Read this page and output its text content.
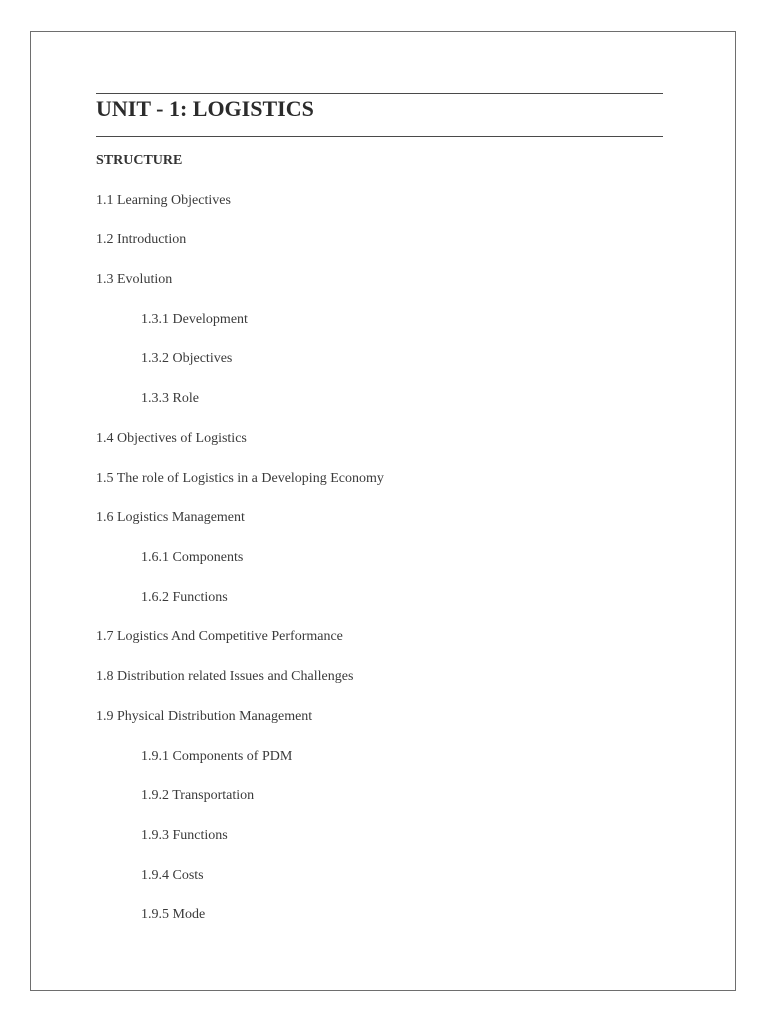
UNIT - 1: LOGISTICS
STRUCTURE
1.1 Learning Objectives
1.2 Introduction
1.3 Evolution
1.3.1 Development
1.3.2 Objectives
1.3.3 Role
1.4 Objectives of Logistics
1.5 The role of Logistics in a Developing Economy
1.6 Logistics Management
1.6.1 Components
1.6.2 Functions
1.7 Logistics And Competitive Performance
1.8 Distribution related Issues and Challenges
1.9 Physical Distribution Management
1.9.1 Components of PDM
1.9.2 Transportation
1.9.3 Functions
1.9.4 Costs
1.9.5 Mode
